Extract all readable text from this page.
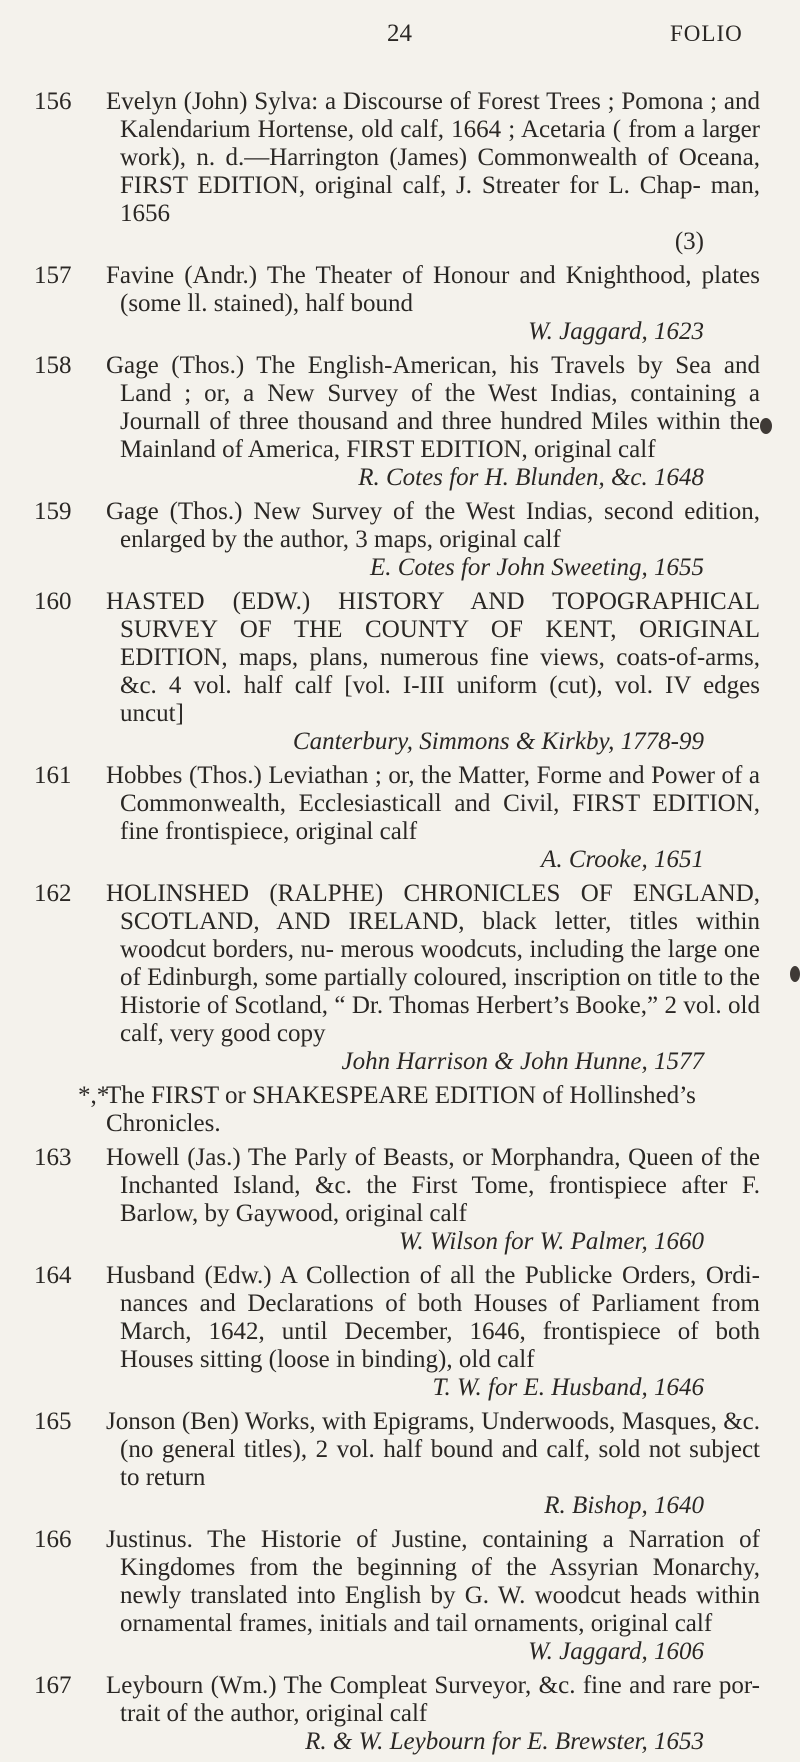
24	FOLIO
156	Evelyn (John) Sylva: a Discourse of Forest Trees ; Pomona ; and Kalendarium Hortense, old calf, 1664 ; Acetaria ( from a larger work), n. d.—Harrington (James) Commonwealth of Oceana, FIRST EDITION, original calf, J. Streater for L. Chap- man, 1656
(3)
157	Favine (Andr.) The Theater of Honour and Knighthood, plates (some ll. stained), half bound
W. Jaggard, 1623
158	Gage (Thos.) The English-American, his Travels by Sea and Land ; or, a New Survey of the West Indias, containing a Journall of three thousand and three hundred Miles within the Mainland of America, FIRST EDITION, original calf
R. Cotes for H. Blunden, &c. 1648
159	Gage (Thos.) New Survey of the West Indias, second edition, enlarged by the author, 3 maps, original calf
E. Cotes for John Sweeting, 1655
160	HASTED (EDW.) HISTORY AND TOPOGRAPHICAL SURVEY OF THE COUNTY OF KENT, ORIGINAL EDITION, maps, plans, numerous fine views, coats-of-arms, &c. 4 vol. half calf [vol. I-III uniform (cut), vol. IV edges uncut]
Canterbury, Simmons & Kirkby, 1778-99
161	Hobbes (Thos.) Leviathan ; or, the Matter, Forme and Power of a Commonwealth, Ecclesiasticall and Civil, FIRST EDITION, fine frontispiece, original calf
A. Crooke, 1651
162	HOLINSHED (RALPHE) CHRONICLES OF ENGLAND, SCOTLAND, AND IRELAND, black letter, titles within woodcut borders, nu- merous woodcuts, including the large one of Edinburgh, some partially coloured, inscription on title to the Historie of Scotland, “ Dr. Thomas Herbert’s Booke,” 2 vol. old calf, very good copy
John Harrison & John Hunne, 1577
*,*
The FIRST or SHAKESPEARE EDITION of Hollinshed’s Chronicles.
163	Howell (Jas.) The Parly of Beasts, or Morphandra, Queen of the Inchanted Island, &c. the First Tome, frontispiece after F. Barlow, by Gaywood, original calf
W. Wilson for W. Palmer, 1660
164	Husband (Edw.) A Collection of all the Publicke Orders, Ordi- nances and Declarations of both Houses of Parliament from March, 1642, until December, 1646, frontispiece of both Houses sitting (loose in binding), old calf
T. W. for E. Husband, 1646
165	Jonson (Ben) Works, with Epigrams, Underwoods, Masques, &c. (no general titles), 2 vol. half bound and calf, sold not subject to return
R. Bishop, 1640
166	Justinus. The Historie of Justine, containing a Narration of Kingdomes from the beginning of the Assyrian Monarchy, newly translated into English by G. W. woodcut heads within ornamental frames, initials and tail ornaments, original calf
W. Jaggard, 1606
167	Leybourn (Wm.) The Compleat Surveyor, &c. fine and rare por- trait of the author, original calf
R. & W. Leybourn for E. Brewster, 1653
